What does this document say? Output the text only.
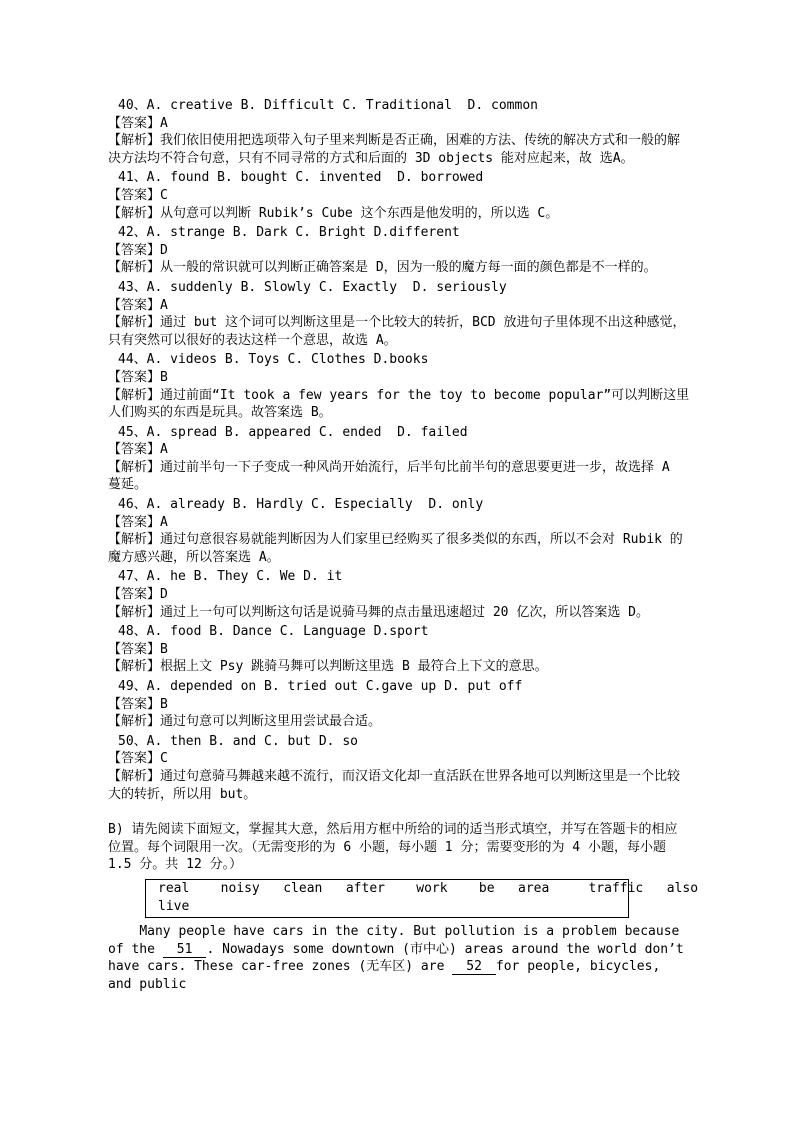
40、A. creative B. Difficult C. Traditional  D. common
【答案】A
【解析】我们依旧使用把选项带入句子里来判断是否正确，困难的方法、传统的解决方式和一般的解决方法均不符合句意，只有不同寻常的方式和后面的 3D objects 能对应起来，故 选A。
41、A. found B. bought C. invented  D. borrowed
【答案】C
【解析】从句意可以判断 Rubik’s Cube 这个东西是他发明的，所以选 C。
42、A. strange B. Dark C. Bright D.different
【答案】D
【解析】从一般的常识就可以判断正确答案是 D，因为一般的魔方每一面的颜色都是不一样的。
43、A. suddenly B. Slowly C. Exactly  D. seriously
【答案】A
【解析】通过 but 这个词可以判断这里是一个比较大的转折，BCD 放进句子里体现不出这种感觉，只有突然可以很好的表达这样一个意思，故选 A。
44、A. videos B. Toys C. Clothes D.books
【答案】B
【解析】通过前面“It took a few years for the toy to become popular”可以判断这里人们购买的东西是玩具。故答案选 B。
45、A. spread B. appeared C. ended  D. failed
【答案】A
【解析】通过前半句一下子变成一种风尚开始流行，后半句比前半句的意思要更进一步，故选择 A 蔓延。
46、A. already B. Hardly C. Especially  D. only
【答案】A
【解析】通过句意很容易就能判断因为人们家里已经购买了很多类似的东西，所以不会对 Rubik 的魔方感兴趣，所以答案选 A。
47、A. he B. They C. We D. it
【答案】D
【解析】通过上一句可以判断这句话是说骑马舞的点击量迅速超过 20 亿次，所以答案选 D。
48、A. food B. Dance C. Language D.sport
【答案】B
【解析】根据上文 Psy 跳骑马舞可以判断这里选 B 最符合上下文的意思。
49、A. depended on B. tried out C.gave up D. put off
【答案】B
【解析】通过句意可以判断这里用尝试最合适。
50、A. then B. and C. but D. so
【答案】C
【解析】通过句意骑马舞越来越不流行，而汉语文化却一直活跃在世界各地可以判断这里是一个比较大的转折，所以用 but。
B) 请先阅读下面短文，掌握其大意，然后用方框中所给的词的适当形式填空，并写在答题卡的相应位置。每个词限用一次。（无需变形的为 6 小题，每小题 1 分；需要变形的为 4 小题，每小题 1.5 分。共 12 分。）
real    noisy   clean   after    work    be   area     traffic   also
live
Many people have cars in the city. But pollution is a problem because of the 51 . Nowadays some downtown (市中心) areas around the world don’t have cars. These car-free zones (无车区) are 52 for people, bicycles, and public
